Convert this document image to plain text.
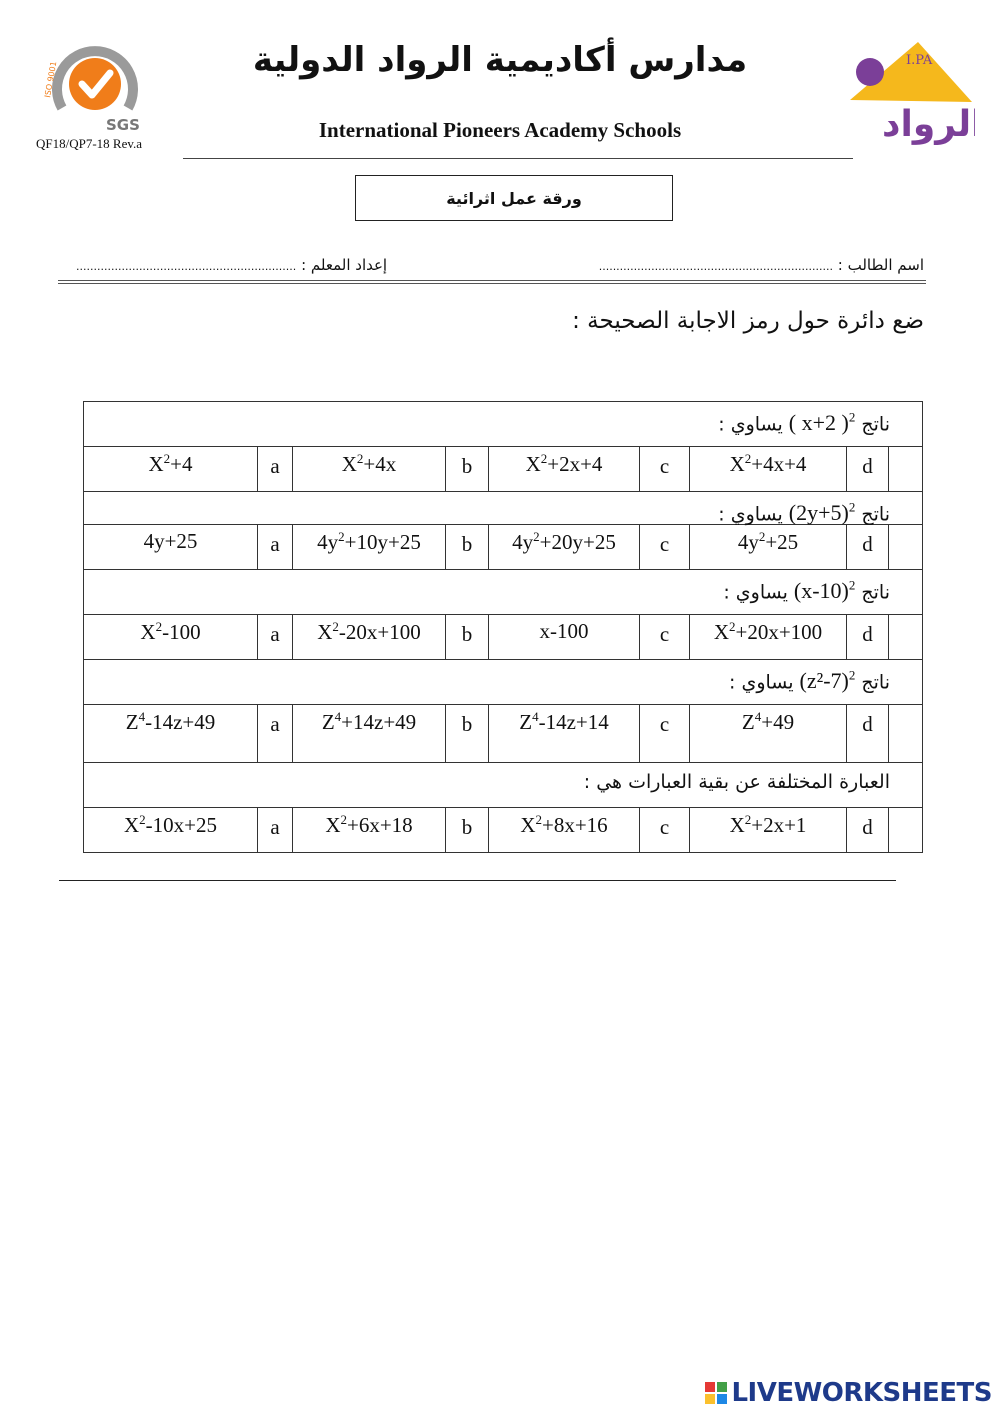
ISO 9001
SGS
QF18/QP7-18 Rev.a
مدارس أكاديمية الرواد الدولية
International Pioneers Academy Schools
I.PA
الرواد
ورقة عمل اثرائية
اسم الطالب : ...................................................................
إعداد المعلم : ...............................................................
ضع دائرة حول رمز الاجابة الصحيحة :
ناتج( x+2 )$^2$يساوي :
$X^2+4$	a	$X^2+4x$	b	$X^2+2x+4$	c	$X^2+4x+4$	d
$ناتج(2y+5)^2يساوي$ :
4y+25	a	$4y^2+10y+25$	b	$4y^2+20y+25$	c	$4y^2+25$	d
$ناتج(x-10)^2يساوي$ :
$X^2-100$	a	$X^2-20x+100$	b	x-100	c	$X^2+20x+100$	d
$ناتج(z^2-7)^2يساوي$ :
$Z^4-14z+49$	a	$Z^4+14z+49$	b	$Z^4-14z+14$	c	$Z^4+49$	d
العبارة المختلفة عن بقية العبارات هي :
$X^2-10x+25$	a	$X^2+6x+18$	b	$X^2+8x+16$	c	$X^2+2x+1$	d
LIVEWORKSHEETS
